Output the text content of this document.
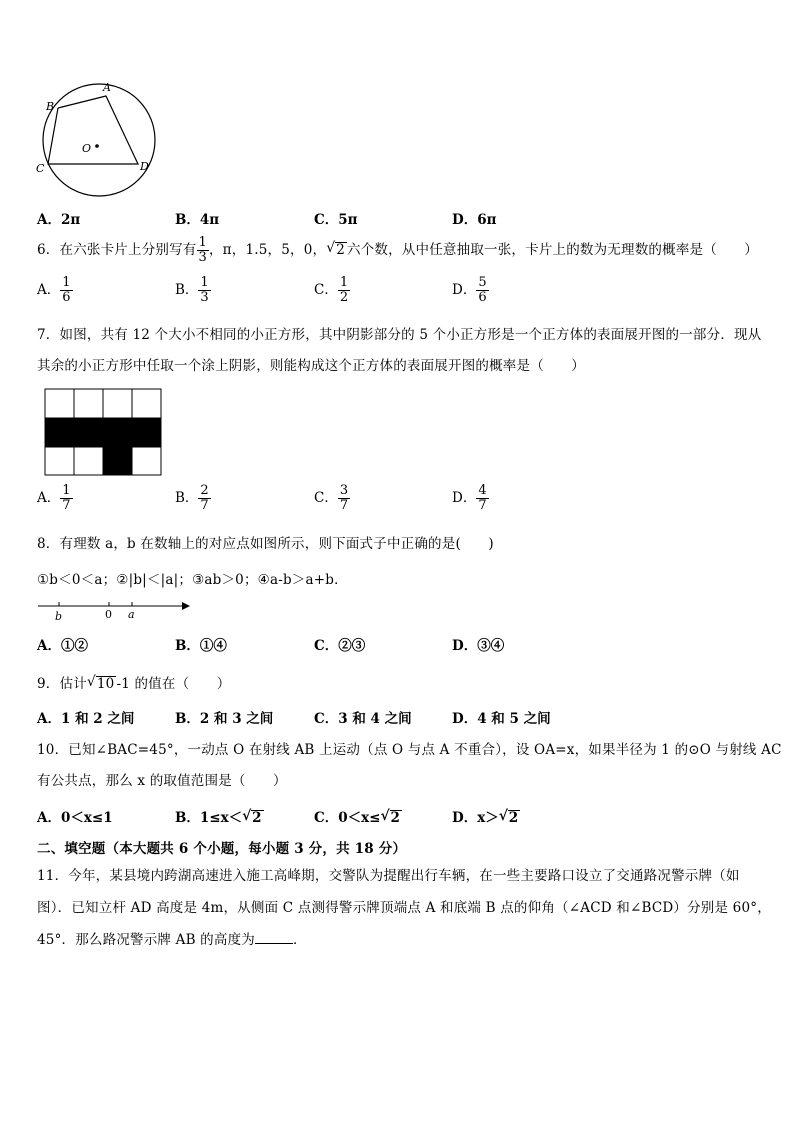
A
B
C	D
O
A．2π	B．4π	C．5π	D．6π
6．在六张卡片上分别写有 $\frac{1}{3}$ ，π，1.5，5，0， √ 2 六个数，从中任意抽取一张，卡片上的数为无理数的概率是（　　）
A． $\frac{1}{6}$	B． $\frac{1}{3}$	C． $\frac{1}{2}$	D． $\frac{5}{6}$
7．如图，共有 12 个大小不相同的小正方形，其中阴影部分的 5 个小正方形是一个正方体的表面展开图的一部分．现从
其余的小正方形中任取一个涂上阴影，则能构成这个正方体的表面展开图的概率是（　　）
A． $\frac{1}{7}$	B． $\frac{2}{7}$	C． $\frac{3}{7}$	D． $\frac{4}{7}$
8．有理数 a，b 在数轴上的对应点如图所示，则下面式子中正确的是(　　)
①b＜0＜a；②|b|＜|a|；③ab＞0；④a-b＞a+b．
b	0 a
A．①②	B．①④	C．②③	D．③④
9．估计 √ 10 -1 的值在（　　）
A．1 和 2 之间	B．2 和 3 之间	C．3 和 4 之间	D．4 和 5 之间
10．已知∠BAC=45°，一动点 O 在射线 AB 上运动（点 O 与点 A 不重合），设 OA=x，如果半径为 1 的⊙O 与射线 AC
有公共点，那么 x 的取值范围是（　　）
A．0＜x≤1	B．1≤x＜ √ 2	C．0＜x≤ √ 2	D．x＞ √ 2
二、填空题（本大题共 6 个小题，每小题 3 分，共 18 分）
11．今年，某县境内跨湖高速进入施工高峰期，交警队为提醒出行车辆，在一些主要路口设立了交通路况警示牌（如
图）．已知立杆 AD 高度是 4m，从侧面 C 点测得警示牌顶端点 A 和底端 B 点的仰角（∠ACD 和∠BCD）分别是 60°，
45°．那么路况警示牌 AB 的高度为	．
